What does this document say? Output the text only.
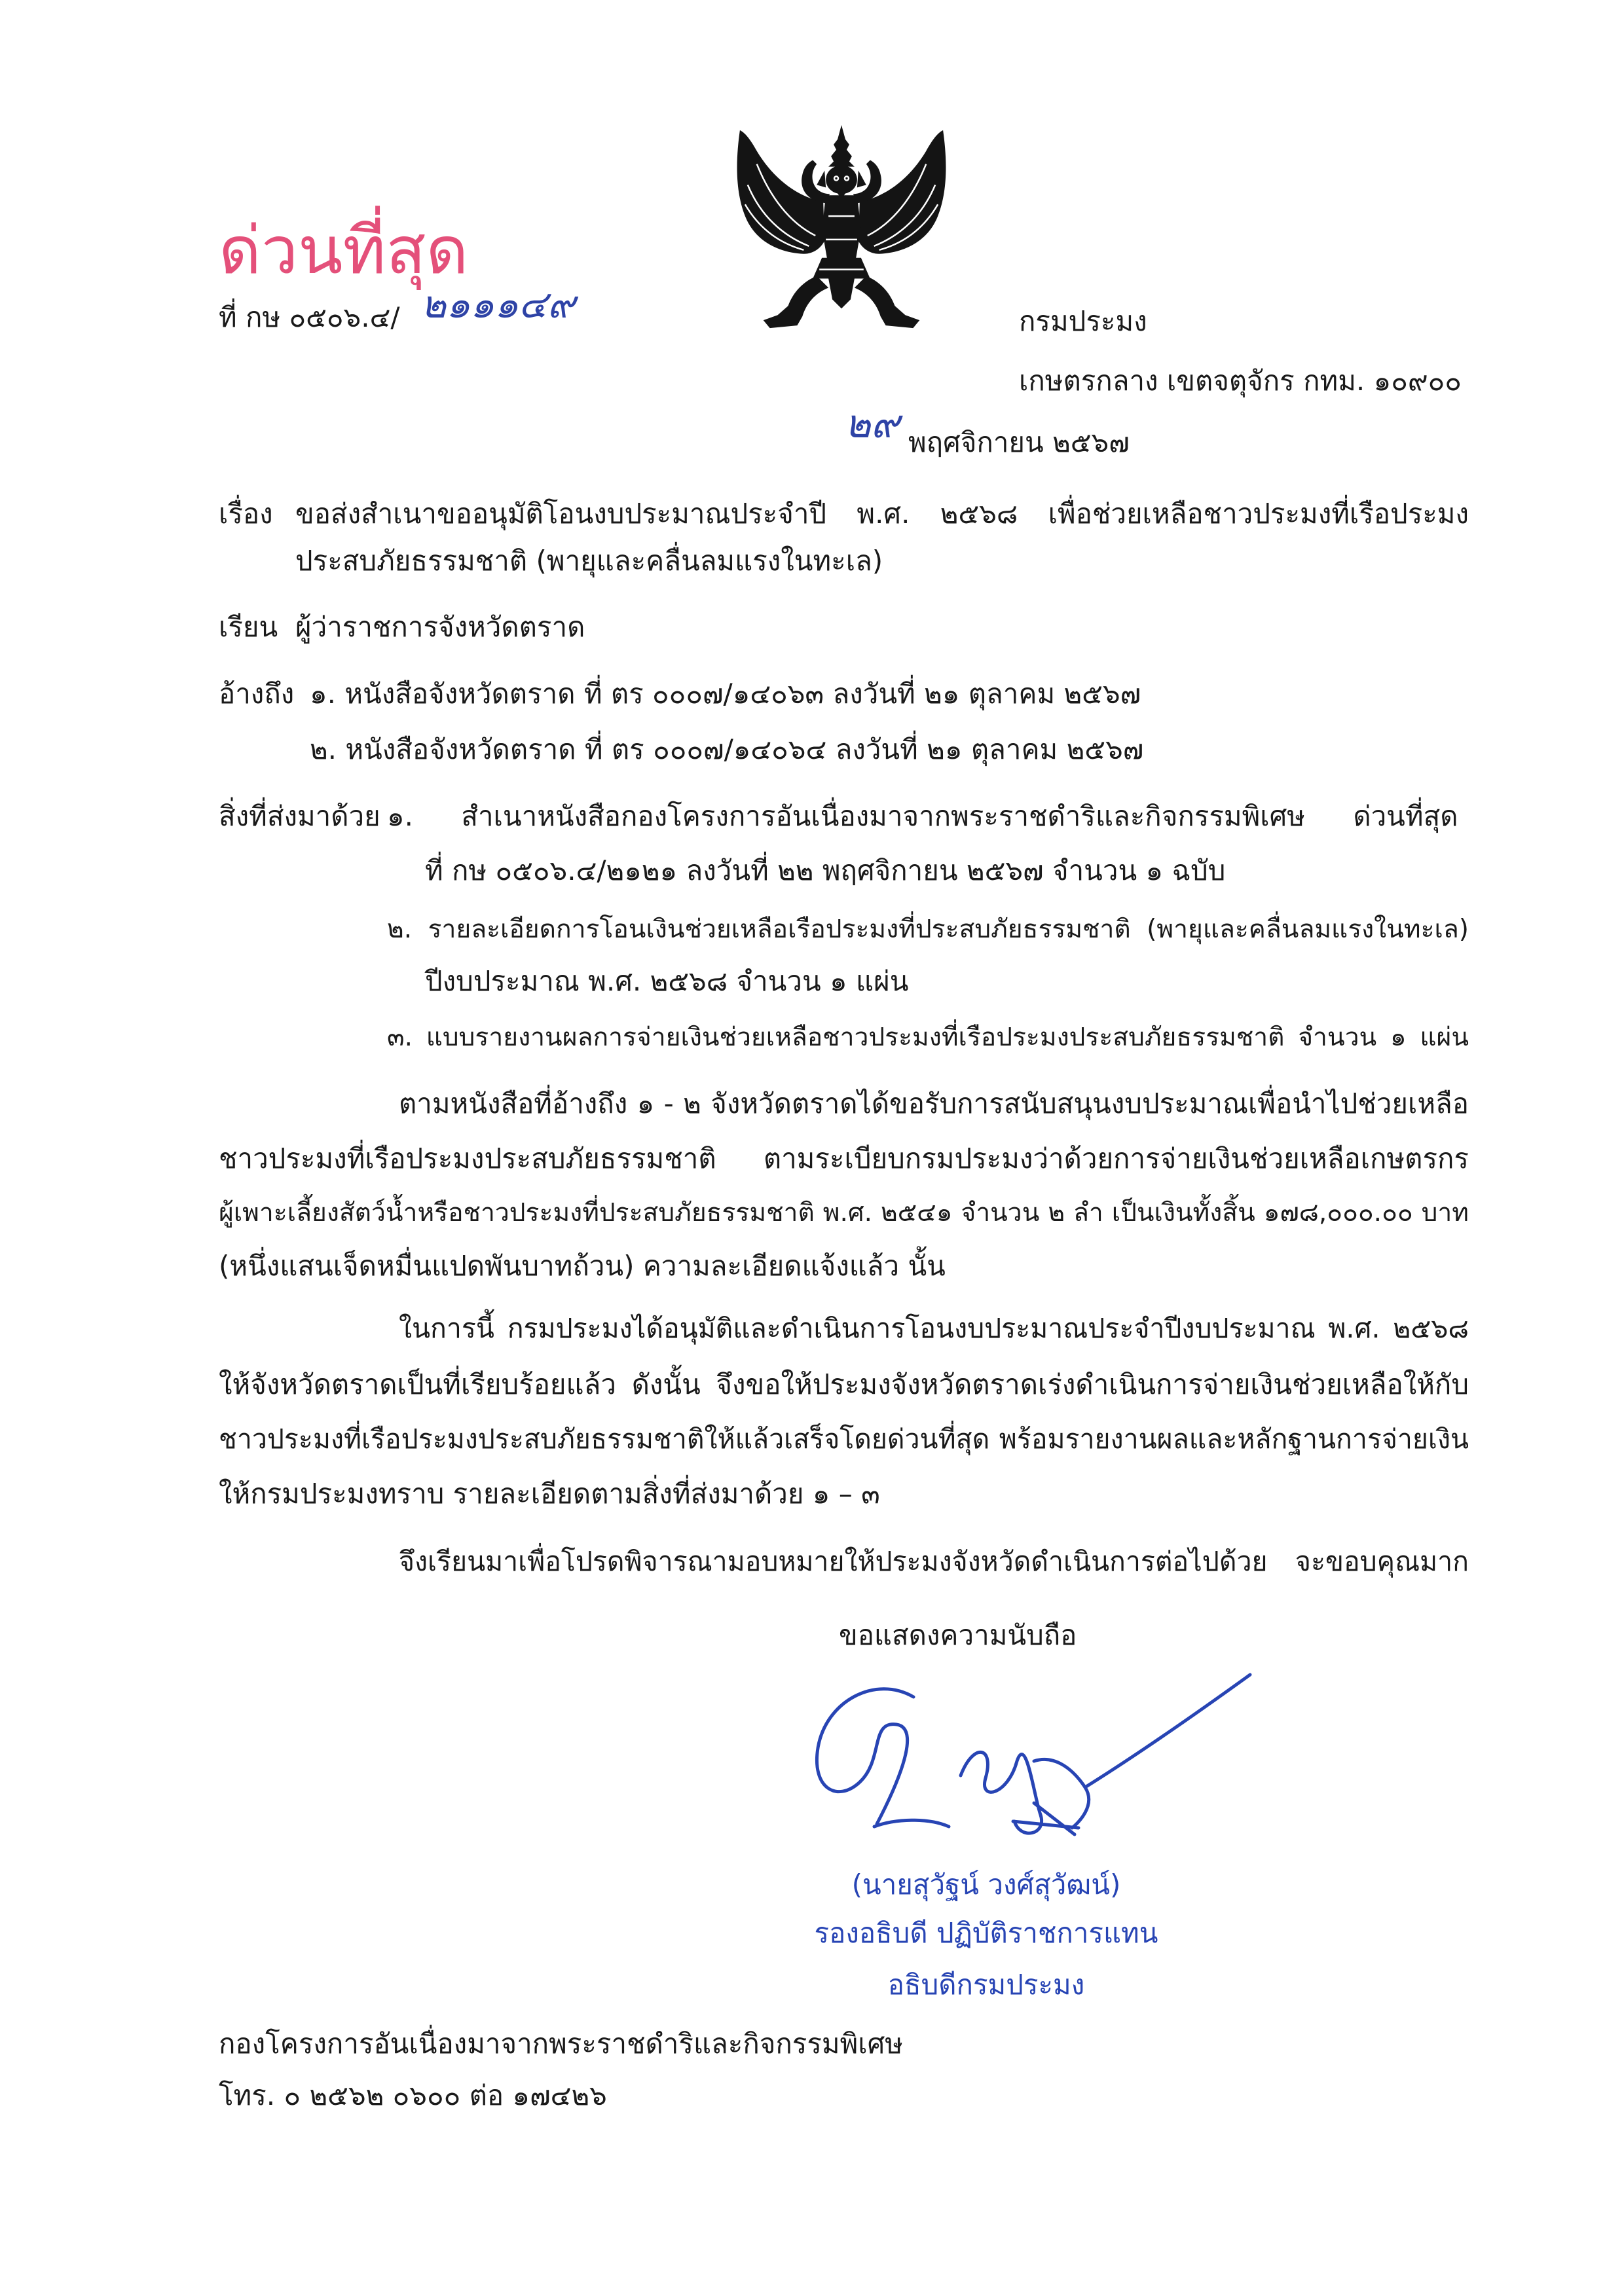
ด่วนที่สุด
ที่ กษ ๐๕๐๖.๔/ ๒๑๑๑๔๙	กรมประมง
เกษตรกลาง เขตจตุจักร กทม. ๑๐๙๐๐
๒๙ พฤศจิกายน ๒๕๖๗
เรื่อง ขอส่งสำเนาขออนุมัติโอนงบประมาณประจำปี พ.ศ. ๒๕๖๘ เพื่อช่วยเหลือชาวประมงที่เรือประมง
ประสบภัยธรรมชาติ (พายุและคลื่นลมแรงในทะเล)
เรียน ผู้ว่าราชการจังหวัดตราด
อ้างถึง ๑. หนังสือจังหวัดตราด ที่ ตร ๐๐๐๗/๑๔๐๖๓ ลงวันที่ ๒๑ ตุลาคม ๒๕๖๗
๒. หนังสือจังหวัดตราด ที่ ตร ๐๐๐๗/๑๔๐๖๔ ลงวันที่ ๒๑ ตุลาคม ๒๕๖๗
สิ่งที่ส่งมาด้วย ๑. สำเนาหนังสือกองโครงการอันเนื่องมาจากพระราชดำริและกิจกรรมพิเศษ ด่วนที่สุด
ที่ กษ ๐๕๐๖.๔/๒๑๒๑ ลงวันที่ ๒๒ พฤศจิกายน ๒๕๖๗ จำนวน ๑ ฉบับ
๒. รายละเอียดการโอนเงินช่วยเหลือเรือประมงที่ประสบภัยธรรมชาติ (พายุและคลื่นลมแรงในทะเล)
ปีงบประมาณ พ.ศ. ๒๕๖๘ จำนวน ๑ แผ่น
๓. แบบรายงานผลการจ่ายเงินช่วยเหลือชาวประมงที่เรือประมงประสบภัยธรรมชาติ จำนวน ๑ แผ่น
ตามหนังสือที่อ้างถึง ๑ - ๒ จังหวัดตราดได้ขอรับการสนับสนุนงบประมาณเพื่อนำไปช่วยเหลือ
ชาวประมงที่เรือประมงประสบภัยธรรมชาติ ตามระเบียบกรมประมงว่าด้วยการจ่ายเงินช่วยเหลือเกษตรกร
ผู้เพาะเลี้ยงสัตว์น้ำหรือชาวประมงที่ประสบภัยธรรมชาติ พ.ศ. ๒๕๔๑ จำนวน ๒ ลำ เป็นเงินทั้งสิ้น ๑๗๘,๐๐๐.๐๐ บาท
(หนึ่งแสนเจ็ดหมื่นแปดพันบาทถ้วน) ความละเอียดแจ้งแล้ว นั้น
ในการนี้ กรมประมงได้อนุมัติและดำเนินการโอนงบประมาณประจำปีงบประมาณ พ.ศ. ๒๕๖๘
ให้จังหวัดตราดเป็นที่เรียบร้อยแล้ว ดังนั้น จึงขอให้ประมงจังหวัดตราดเร่งดำเนินการจ่ายเงินช่วยเหลือให้กับ
ชาวประมงที่เรือประมงประสบภัยธรรมชาติให้แล้วเสร็จโดยด่วนที่สุด พร้อมรายงานผลและหลักฐานการจ่ายเงิน
ให้กรมประมงทราบ รายละเอียดตามสิ่งที่ส่งมาด้วย ๑ – ๓
จึงเรียนมาเพื่อโปรดพิจารณามอบหมายให้ประมงจังหวัดดำเนินการต่อไปด้วย จะขอบคุณมาก
ขอแสดงความนับถือ
(นายสุวัฐน์ วงศ์สุวัฒน์)
รองอธิบดี ปฏิบัติราชการแทน
อธิบดีกรมประมง
กองโครงการอันเนื่องมาจากพระราชดำริและกิจกรรมพิเศษ
โทร. ๐ ๒๕๖๒ ๐๖๐๐ ต่อ ๑๗๔๒๖
